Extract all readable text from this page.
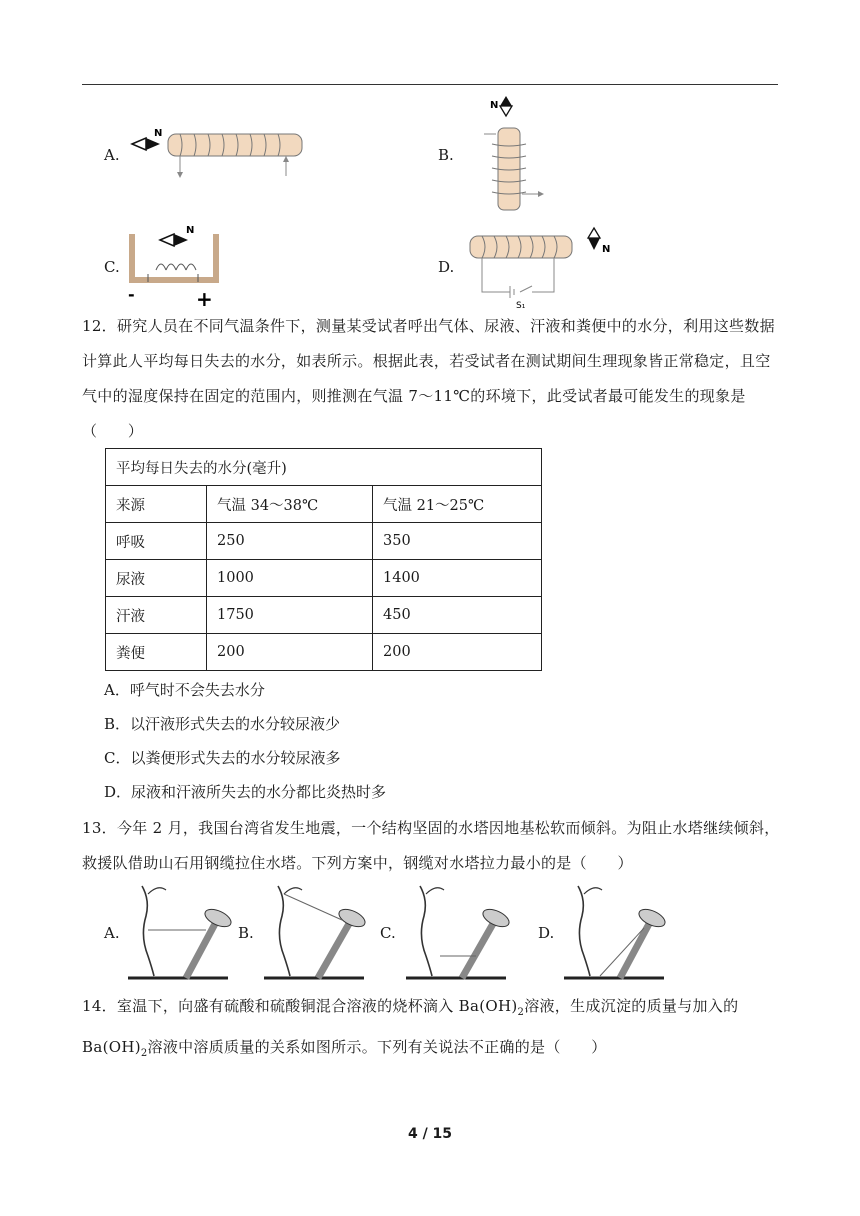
A.
N
B.
N
C.
N
-	+
D.
S₁
N
12．研究人员在不同气温条件下，测量某受试者呼出气体、尿液、汗液和粪便中的水分，利用这些数据计算此人平均每日失去的水分，如表所示。根据此表，若受试者在测试期间生理现象皆正常稳定，且空气中的湿度保持在固定的范围内，则推测在气温 7～11℃的环境下，此受试者最可能发生的现象是（　　）
平均每日失去的水分(毫升)		
来源	气温 34～38℃	气温 21～25℃
呼吸	250	350
尿液	1000	1400
汗液	1750	450
粪便	200	200
A．呼气时不会失去水分
B．以汗液形式失去的水分较尿液少
C．以粪便形式失去的水分较尿液多
D．尿液和汗液所失去的水分都比炎热时多
13．今年 2 月，我国台湾省发生地震，一个结构坚固的水塔因地基松软而倾斜。为阻止水塔继续倾斜，救援队借助山石用钢缆拉住水塔。下列方案中，钢缆对水塔拉力最小的是（　　）
A.	B.	C.	D.
14．室温下，向盛有硫酸和硫酸铜混合溶液的烧杯滴入 $Ba(OH)_2$溶液，生成沉淀的质量与加入的
$Ba(OH)_2$溶液中溶质质量的关系如图所示。下列有关说法不正确的是（　　）
4 / 15
